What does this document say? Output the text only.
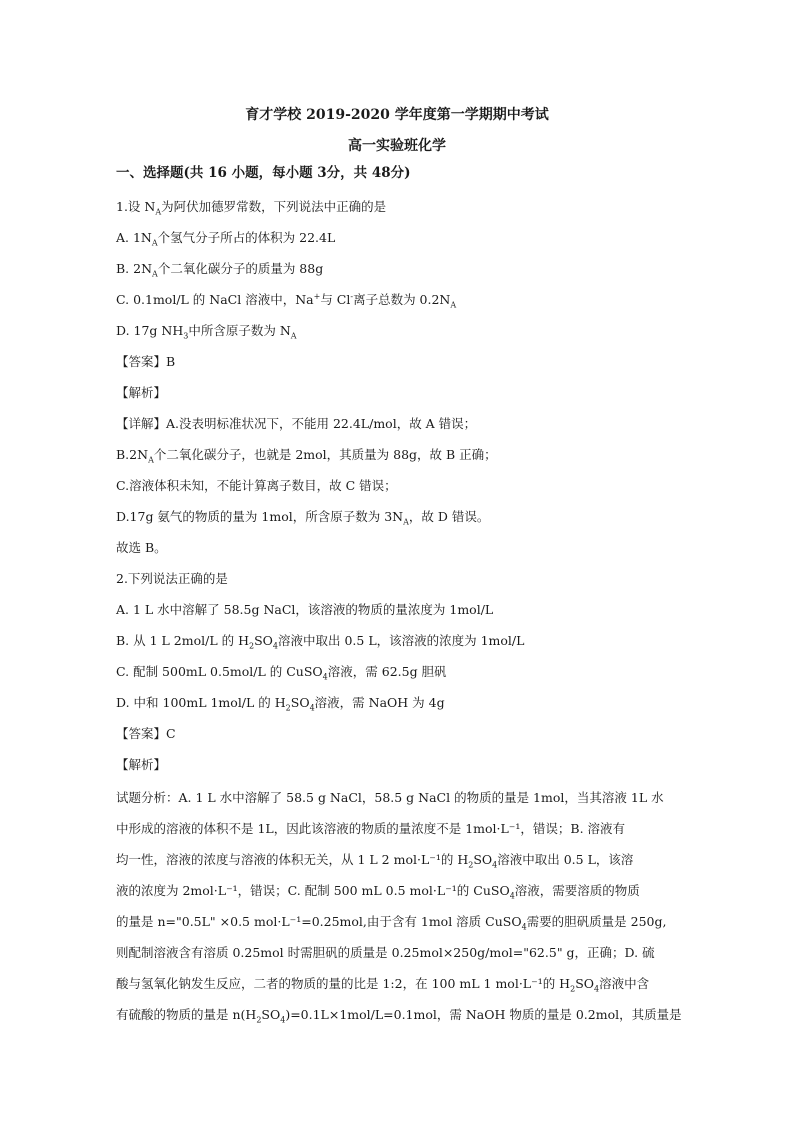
育才学校 2019-2020 学年度第一学期期中考试
高一实验班化学
一、选择题(共 16 小题，每小题 3分，共 48分)
1.设 $N_A$为阿伏加德罗常数，下列说法中正确的是
A. $1N_A$个氢气分子所占的体积为 22.4L
B. $2N_A$个二氧化碳分子的质量为 88g
C. 0.1mol/L 的 NaCl 溶液中，Na+与 Cl-离子总数为 $0.2N_A$
D. 17g $NH_3$中所含原子数为 $N_A$
【答案】B
【解析】
【详解】A.没表明标准状况下，不能用 22.4L/mol，故 A 错误；
$B.2N_A$个二氧化碳分子，也就是 2mol，其质量为 88g，故 B 正确；
C.溶液体积未知，不能计算离子数目，故 C 错误；
D.17g 氨气的物质的量为 1mol，所含原子数为 $3N_A$，故 D 错误。
故选 B。
2.下列说法正确的是
A. 1 L 水中溶解了 58.5g NaCl，该溶液的物质的量浓度为 1mol/L
B. 从 1 L 2mol/L 的 $H_2SO_4$溶液中取出 0.5 L，该溶液的浓度为 1mol/L
C. 配制 500mL 0.5mol/L 的 CuSO$_4$溶液，需 62.5g 胆矾
D. 中和 100mL 1mol/L 的 $H_2SO_4$溶液，需 NaOH 为 4g
【答案】C
【解析】
试题分析：A. 1 L 水中溶解了 58.5 g NaCl，58.5 g NaCl 的物质的量是 1mol，当其溶液 1L 水
中形成的溶液的体积不是 1L，因此该溶液的物质的量浓度不是 1mol·L⁻¹，错误；B. 溶液有
均一性，溶液的浓度与溶液的体积无关，从 1 L 2 mol·L⁻¹的 $H_2SO_4$溶液中取出 0.5 L，该溶
液的浓度为 2mol·L⁻¹，错误；C. 配制 500 mL 0.5 mol·L⁻¹的 CuSO$_4$溶液，需要溶质的物质
的量是 n="0.5L" ×0.5 mol·L⁻¹=0.25mol,由于含有 1mol 溶质 CuSO$_4$需要的胆矾质量是 250g,
则配制溶液含有溶质 0.25mol 时需胆矾的质量是 0.25mol×250g/mol="62.5" g，正确；D. 硫
酸与氢氧化钠发生反应，二者的物质的量的比是 1:2，在 100 mL 1 mol·L⁻¹的 $H_2SO_4$溶液中含
有硫酸的物质的量是 $n(H_2SO_4)=0.1L\times 1mol/L=0.1mol$，需 NaOH 物质的量是 0.2mol，其质量是
